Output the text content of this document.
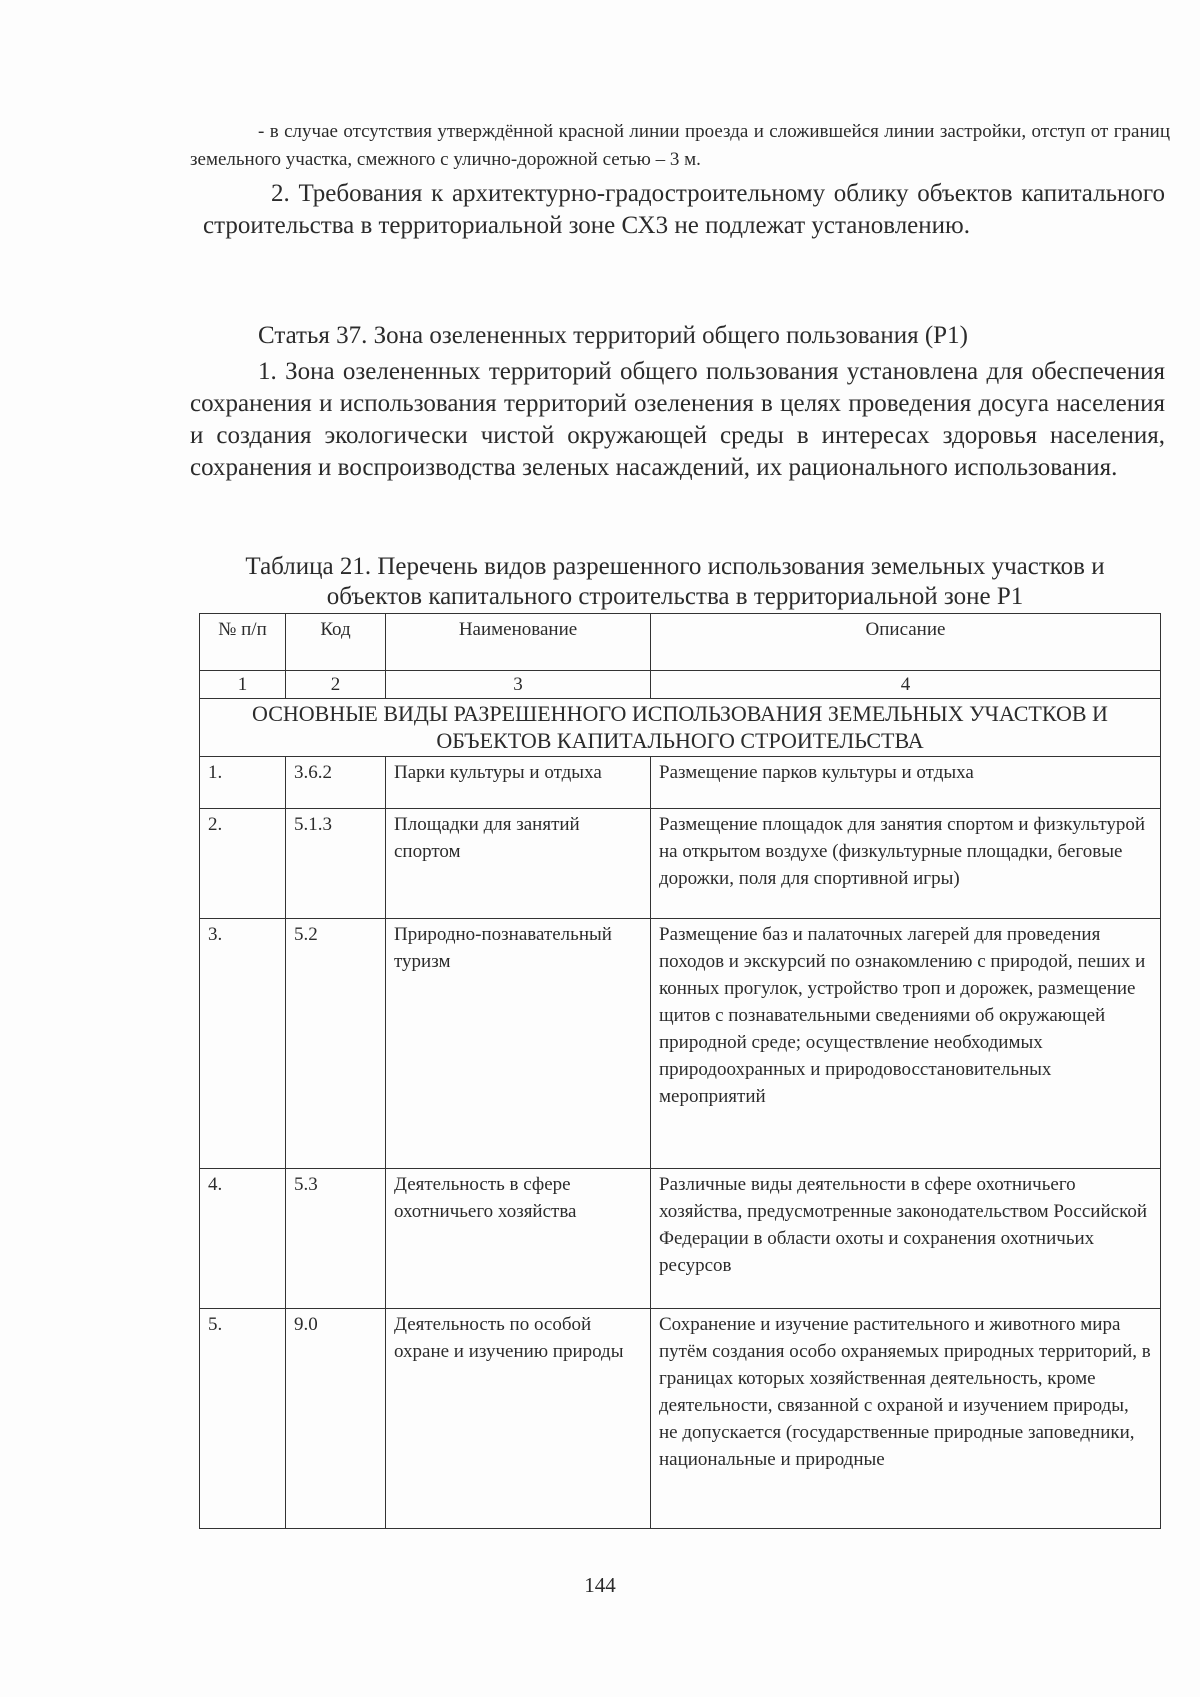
- в случае отсутствия утверждённой красной линии проезда и сложившейся линии застройки, отступ от границ земельного участка, смежного с улично-дорожной сетью – 3 м.
2. Требования к архитектурно-градостроительному облику объектов капитального строительства в территориальной зоне СХ3 не подлежат установлению.
Статья 37. Зона озелененных территорий общего пользования (Р1)
1. Зона озелененных территорий общего пользования установлена для обеспечения сохранения и использования территорий озеленения в целях проведения досуга населения и создания экологически чистой окружающей среды в интересах здоровья населения, сохранения и воспроизводства зеленых насаждений, их рационального использования.
Таблица 21. Перечень видов разрешенного использования земельных участков и объектов капитального строительства в территориальной зоне Р1
№ п/п	Код	Наименование	Описание
1	2	3	4
ОСНОВНЫЕ ВИДЫ РАЗРЕШЕННОГО ИСПОЛЬЗОВАНИЯ ЗЕМЕЛЬНЫХ УЧАСТКОВ И ОБЪЕКТОВ КАПИТАЛЬНОГО СТРОИТЕЛЬСТВА			
1.	3.6.2	Парки культуры и отдыха	Размещение парков культуры и отдыха
2.	5.1.3	Площадки для занятий спортом	Размещение площадок для занятия спортом и физкультурой на открытом воздухе (физкультурные площадки, беговые дорожки, поля для спортивной игры)
3.	5.2	Природно-познавательный туризм	Размещение баз и палаточных лагерей для проведения походов и экскурсий по ознакомлению с природой, пеших и конных прогулок, устройство троп и дорожек, размещение щитов с познавательными сведениями об окружающей природной среде; осуществление необходимых природоохранных и природовосстановительных мероприятий
4.	5.3	Деятельность в сфере охотничьего хозяйства	Различные виды деятельности в сфере охотничьего хозяйства, предусмотренные законодательством Российской Федерации в области охоты и сохранения охотничьих ресурсов
5.	9.0	Деятельность по особой охране и изучению природы	Сохранение и изучение растительного и животного мира путём создания особо охраняемых природных территорий, в границах которых хозяйственная деятельность, кроме деятельности, связанной с охраной и изучением природы, не допускается (государственные природные заповедники, национальные и природные
144
